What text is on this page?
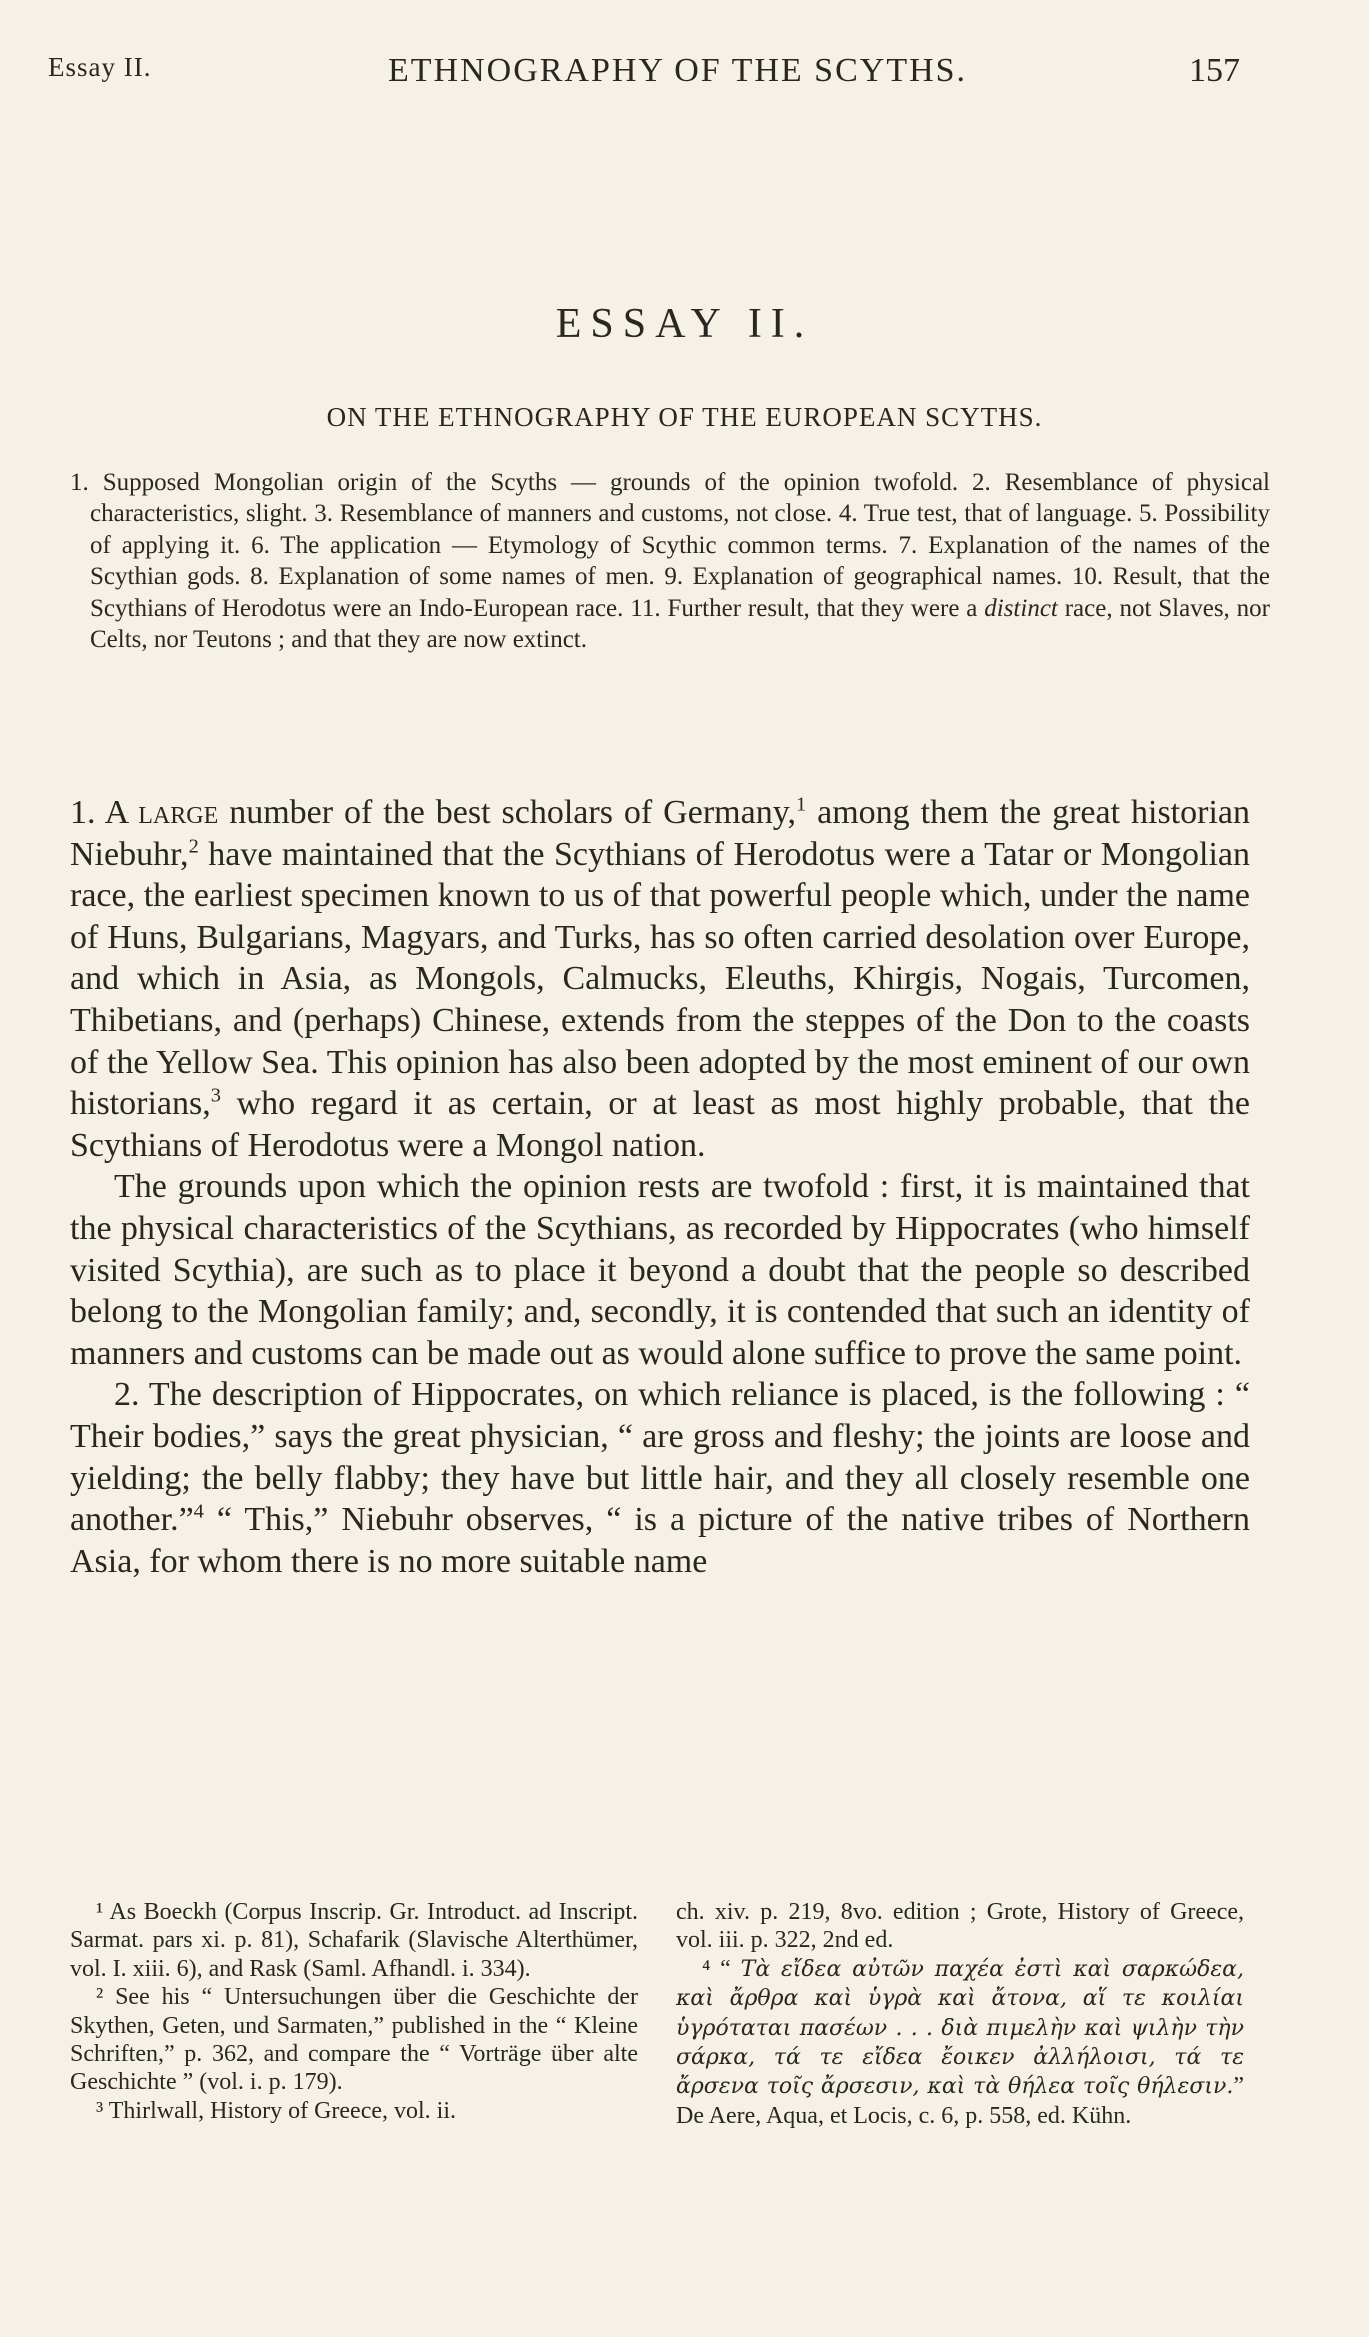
Essay II.	ETHNOGRAPHY OF THE SCYTHS.	157
ESSAY II.
ON THE ETHNOGRAPHY OF THE EUROPEAN SCYTHS.
1. Supposed Mongolian origin of the Scyths — grounds of the opinion twofold. 2. Resemblance of physical characteristics, slight. 3. Resemblance of manners and customs, not close. 4. True test, that of language. 5. Possibility of applying it. 6. The application — Etymology of Scythic common terms. 7. Explanation of the names of the Scythian gods. 8. Explanation of some names of men. 9. Explanation of geographical names. 10. Result, that the Scythians of Herodotus were an Indo-European race. 11. Further result, that they were a distinct race, not Slaves, nor Celts, nor Teutons ; and that they are now extinct.

1. A large number of the best scholars of Germany,$^1$ among them the great historian Niebuhr,$^2$ have maintained that the Scythians of Herodotus were a Tatar or Mongolian race, the earliest specimen known to us of that powerful people which, under the name of Huns, Bulgarians, Magyars, and Turks, has so often carried desolation over Europe, and which in Asia, as Mongols, Calmucks, Eleuths, Khirgis, Nogais, Turcomen, Thibetians, and (perhaps) Chinese, extends from the steppes of the Don to the coasts of the Yellow Sea. This opinion has also been adopted by the most eminent of our own historians,$^3$ who regard it as certain, or at least as most highly probable, that the Scythians of Herodotus were a Mongol nation.

The grounds upon which the opinion rests are twofold : first, it is maintained that the physical characteristics of the Scythians, as recorded by Hippocrates (who himself visited Scythia), are such as to place it beyond a doubt that the people so described belong to the Mongolian family; and, secondly, it is contended that such an identity of manners and customs can be made out as would alone suffice to prove the same point.

2. The description of Hippocrates, on which reliance is placed, is the following : “ Their bodies,” says the great physician, “ are gross and fleshy; the joints are loose and yielding; the belly flabby; they have but little hair, and they all closely resemble one another.”$^4$ “ This,” Niebuhr observes, “ is a picture of the native tribes of Northern Asia, for whom there is no more suitable name

¹ As Boeckh (Corpus Inscrip. Gr. Introduct. ad Inscript. Sarmat. pars xi. p. 81), Schafarik (Slavische Alterthümer, vol. I. xiii. 6), and Rask (Saml. Afhandl. i. 334).

² See his “ Untersuchungen über die Geschichte der Skythen, Geten, und Sarmaten,” published in the “ Kleine Schriften,” p. 362, and compare the “ Vorträge über alte Geschichte ” (vol. i. p. 179).

³ Thirlwall, History of Greece, vol. ii.

ch. xiv. p. 219, 8vo. edition ; Grote, History of Greece, vol. iii. p. 322, 2nd ed.

⁴ “ Τὰ εἴδεα αὐτῶν παχέα ἐστὶ καὶ σαρκώδεα, καὶ ἄρθρα καὶ ὑγρὰ καὶ ἄτονα, αἵ τε κοιλίαι ὑγρόταται πασέων . . . διὰ πιμελὴν καὶ ψιλὴν τὴν σάρκα, τά τε εἴδεα ἔοικεν ἀλλήλοισι, τά τε ἄρσενα τοῖς ἄρσεσιν, καὶ τὰ θήλεα τοῖς θήλεσιν.” De Aere, Aqua, et Locis, c. 6, p. 558, ed. Kühn.
